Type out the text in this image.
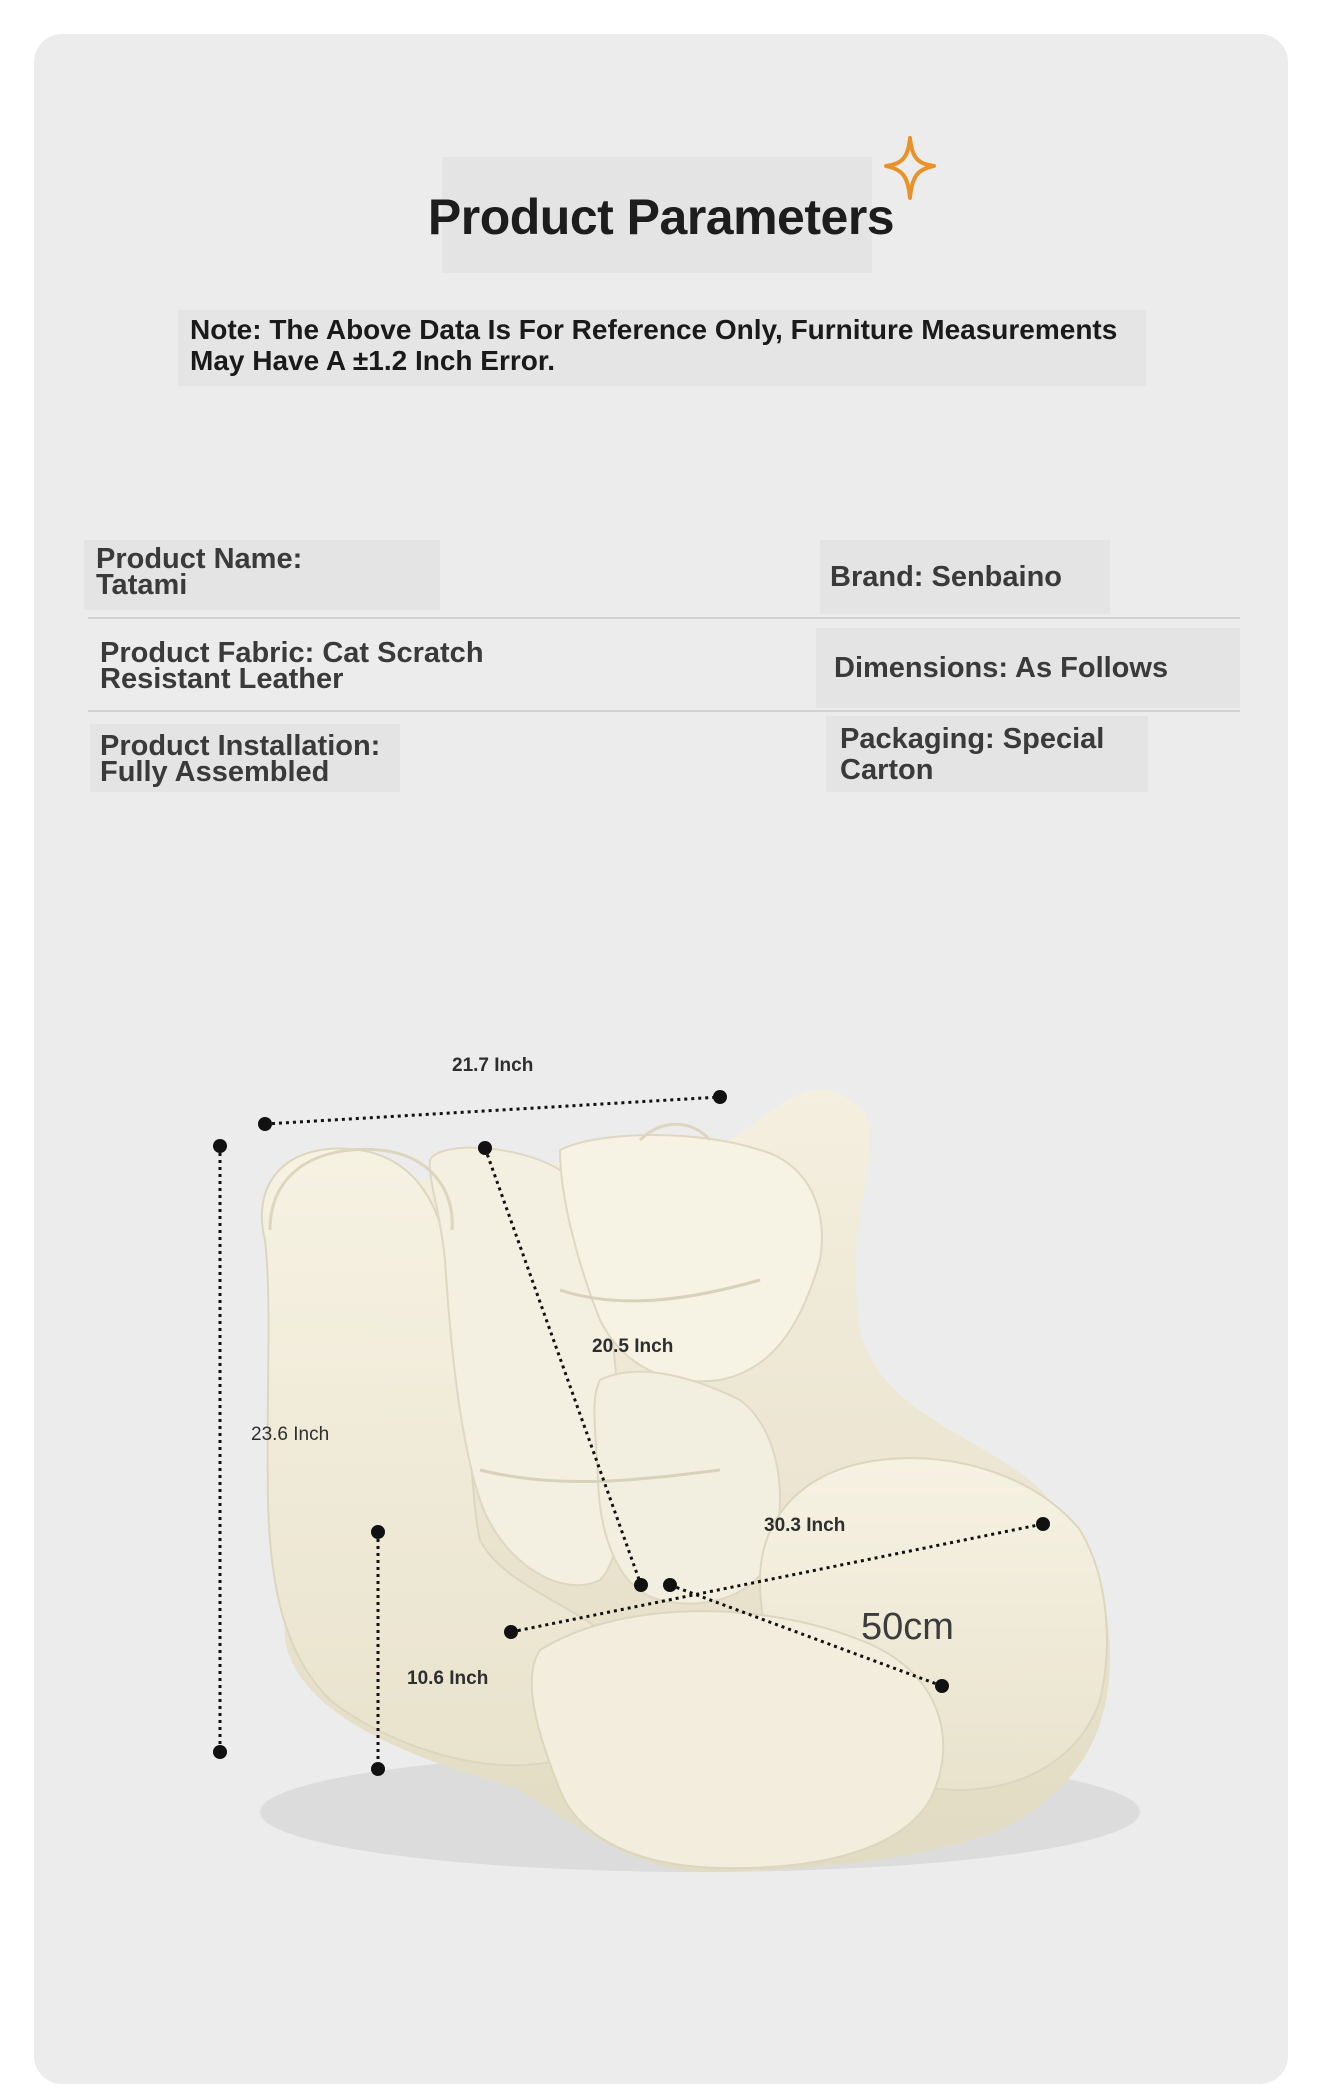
Product Parameters
Note: The Above Data Is For Reference Only, Furniture Measurements May Have A ±1.2 Inch Error.
Product Name:
Tatami	Brand: Senbaino
Product Fabric: Cat Scratch
Resistant Leather	Dimensions: As Follows
Product Installation:
Fully Assembled
Packaging: Special
Carton
21.7 Inch
20.5 Inch
23.6 Inch
30.3 Inch
10.6 Inch
50cm
